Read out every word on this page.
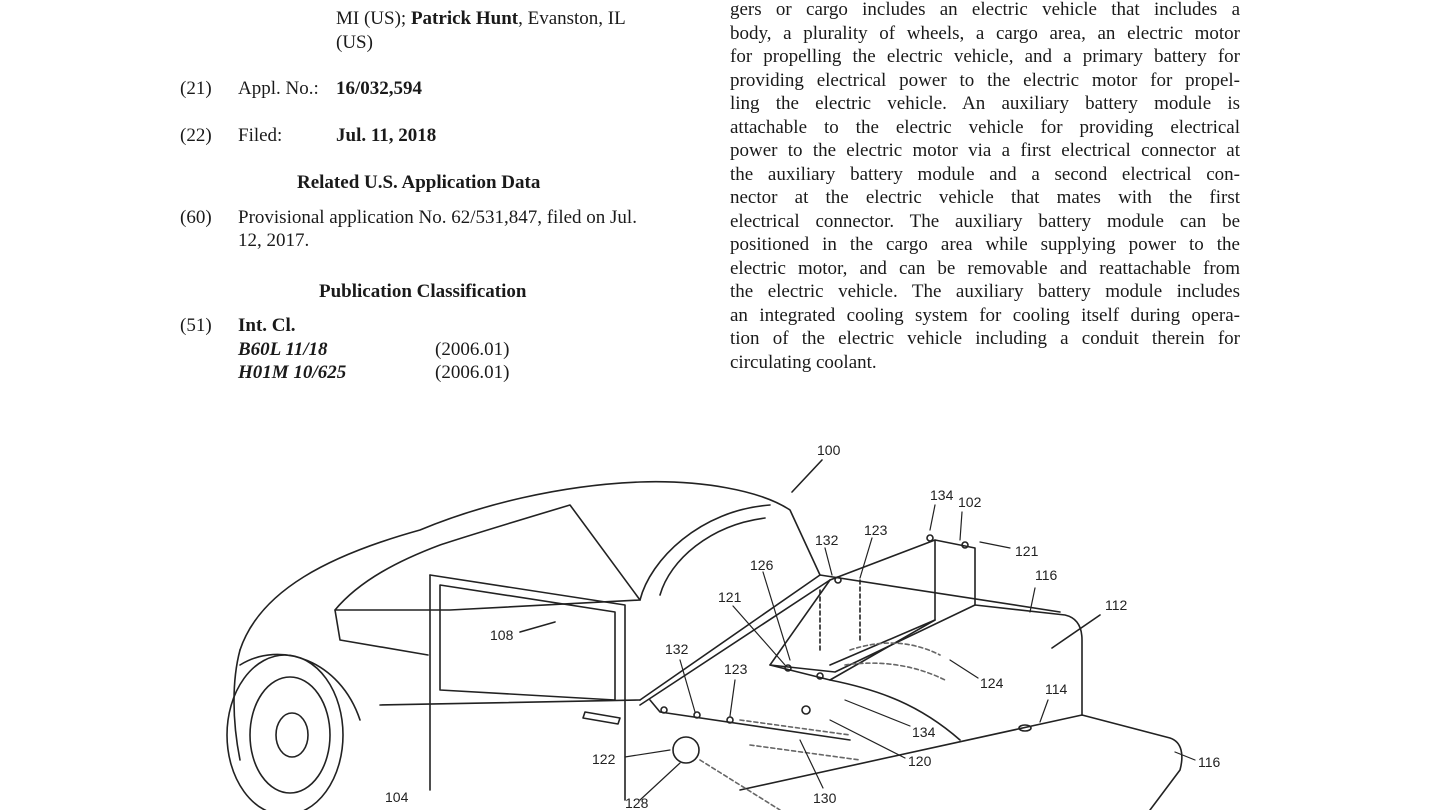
MI (US); Patrick Hunt, Evanston, IL
(US)
(21) Appl. No.: 16/032,594
(22) Filed:	Jul. 11, 2018
Related U.S. Application Data
(60) Provisional application No. 62/531,847, filed on Jul.
12, 2017.
Publication Classification
(51) Int. Cl.
B60L 11/18	(2006.01)
H01M 10/625	(2006.01)
gers or cargo includes an electric vehicle that includes a
body, a plurality of wheels, a cargo area, an electric motor
for propelling the electric vehicle, and a primary battery for
providing electrical power to the electric motor for propel-
ling the electric vehicle. An auxiliary battery module is
attachable to the electric vehicle for providing electrical
power to the electric motor via a first electrical connector at
the auxiliary battery module and a second electrical con-
nector at the electric vehicle that mates with the first
electrical connector. The auxiliary battery module can be
positioned in the cargo area while supplying power to the
electric motor, and can be removable and reattachable from
the electric vehicle. The auxiliary battery module includes
an integrated cooling system for cooling itself during opera-
tion of the electric vehicle including a conduit therein for
circulating coolant.
100
134 102
132
123
121
126
116
121	112
108
132
123
124	114
134
122	120	116
104	128	130
